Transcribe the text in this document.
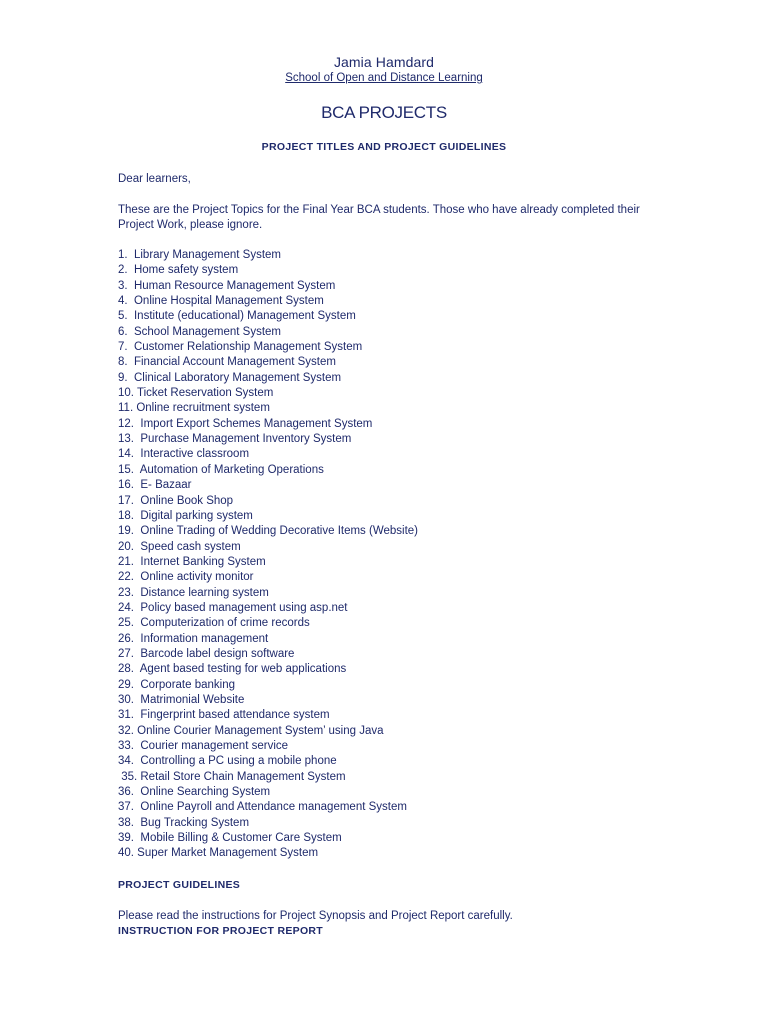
Jamia Hamdard
School of Open and Distance Learning
BCA PROJECTS
PROJECT TITLES AND PROJECT GUIDELINES
Dear learners,
These are the Project Topics for the Final Year BCA students. Those who have already completed their Project Work, please ignore.
1.  Library Management System
2.  Home safety system
3.  Human Resource Management System
4.  Online Hospital Management System
5.  Institute (educational) Management System
6.  School Management System
7.  Customer Relationship Management System
8.  Financial Account Management System
9.  Clinical Laboratory Management System
10. Ticket Reservation System
11. Online recruitment system
12.  Import Export Schemes Management System
13.  Purchase Management Inventory System
14.  Interactive classroom
15.  Automation of Marketing Operations
16.  E- Bazaar
17.  Online Book Shop
18.  Digital parking system
19.  Online Trading of Wedding Decorative Items (Website)
20.  Speed cash system
21.  Internet Banking System
22.  Online activity monitor
23.  Distance learning system
24.  Policy based management using asp.net
25.  Computerization of crime records
26.  Information management
27.  Barcode label design software
28.  Agent based testing for web applications
29.  Corporate banking
30.  Matrimonial Website
31.  Fingerprint based attendance system
32. Online Courier Management System’ using Java
33.  Courier management service
34.  Controlling a PC using a mobile phone
35. Retail Store Chain Management System
36.  Online Searching System
37.  Online Payroll and Attendance management System
38.  Bug Tracking System
39.  Mobile Billing & Customer Care System
40. Super Market Management System
PROJECT GUIDELINES
Please read the instructions for Project Synopsis and Project Report carefully.
INSTRUCTION FOR PROJECT REPORT
